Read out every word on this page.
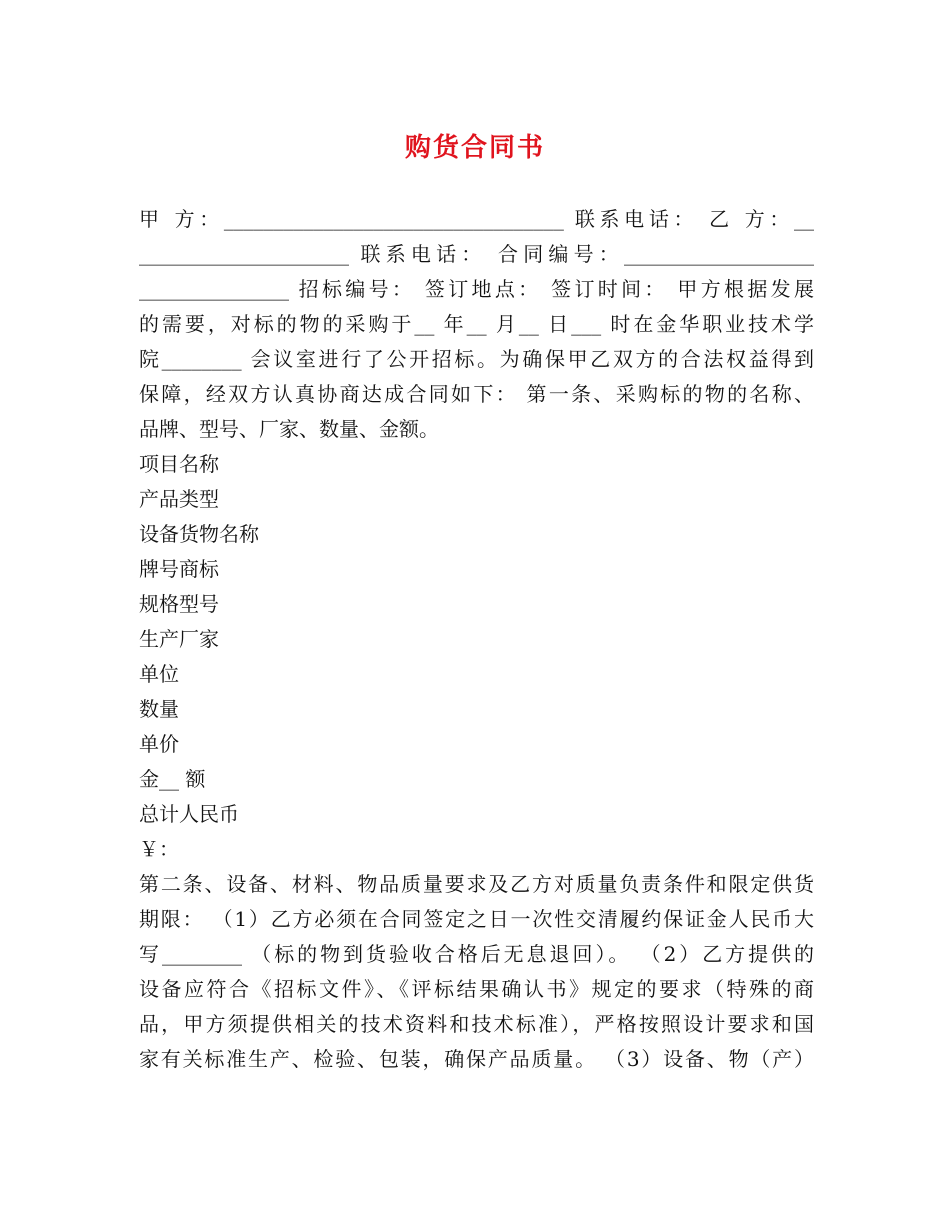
购货合同书
甲 方：__________________________________ 联系电话： 乙 方：__
_____________________ 联系电话： 合同编号：___________________
_______________ 招标编号： 签订地点： 签订时间： 甲方根据发展
的需要，对标的物的采购于__ 年__ 月__ 日___ 时在金华职业技术学
院________ 会议室进行了公开招标。为确保甲乙双方的合法权益得到
保障，经双方认真协商达成合同如下： 第一条、采购标的物的名称、
品牌、型号、厂家、数量、金额。
项目名称
产品类型
设备货物名称
牌号商标
规格型号
生产厂家
单位
数量
单价
金__ 额
总计人民币
￥：
第二条、设备、材料、物品质量要求及乙方对质量负责条件和限定供货
期限： （1）乙方必须在合同签定之日一次性交清履约保证金人民币大
写________ （标的物到货验收合格后无息退回）。 （2）乙方提供的
设备应符合《招标文件》、《评标结果确认书》规定的要求（特殊的商
品，甲方须提供相关的技术资料和技术标准），严格按照设计要求和国
家有关标准生产、检验、包装，确保产品质量。 （3）设备、物（产）
